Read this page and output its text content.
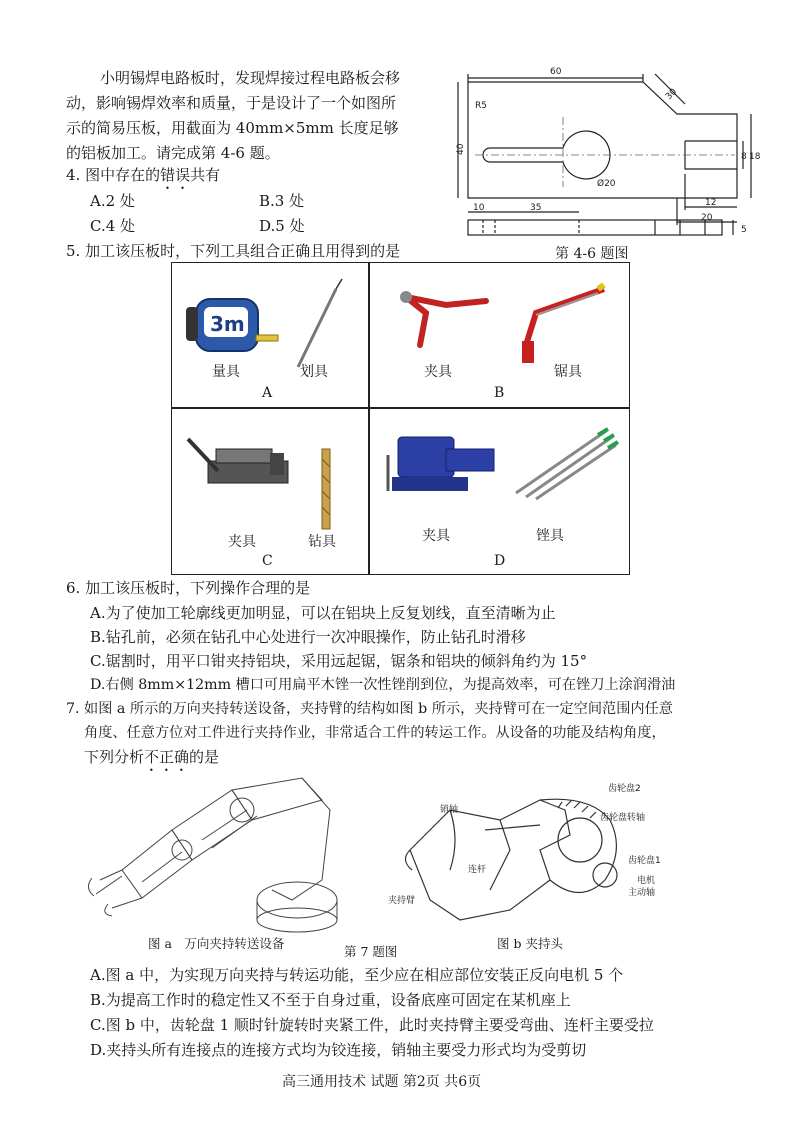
小明锡焊电路板时，发现焊接过程电路板会移
动，影响锡焊效率和质量，于是设计了一个如图所
示的简易压板，用截面为 40mm×5mm 长度足够
的铝板加工。请完成第 4-6 题。
60
30
R5
40
8 18
12
20
Ø20
10	35
5
第 4-6 题图
4. 图中存在的错误共有
A.2 处	B.3 处
C.4 处	D.5 处
5. 加工该压板时，下列工具组合正确且用得到的是
3m
量具	划具
A
夹具	锯具
B
夹具	钻具
C
夹具	锉具
D
6. 加工该压板时，下列操作合理的是
A.为了使加工轮廓线更加明显，可以在铝块上反复划线，直至清晰为止
B.钻孔前，必须在钻孔中心处进行一次冲眼操作，防止钻孔时滑移
C.锯割时，用平口钳夹持铝块，采用远起锯，锯条和铝块的倾斜角约为 15°
D.右侧 8mm×12mm 槽口可用扁平木锉一次性锉削到位，为提高效率，可在锉刀上涂润滑油
7. 如图 a 所示的万向夹持转送设备，夹持臂的结构如图 b 所示，夹持臂可在一定空间范围内任意
角度、任意方位对工件进行夹持作业，非常适合工件的转运工作。从设备的功能及结构角度，
下列分析不正确的是
齿轮盘2
销轴
齿轮盘转轴
连杆
齿轮盘1
电机
主动轴
夹持臂
图 a　万向夹持转送设备
第 7 题图
图 b 夹持头
A.图 a 中，为实现万向夹持与转运功能，至少应在相应部位安装正反向电机 5 个
B.为提高工作时的稳定性又不至于自身过重，设备底座可固定在某机座上
C.图 b 中，齿轮盘 1 顺时针旋转时夹紧工件，此时夹持臂主要受弯曲、连杆主要受拉
D.夹持头所有连接点的连接方式均为铰连接，销轴主要受力形式均为受剪切
高三通用技术 试题 第2页 共6页
